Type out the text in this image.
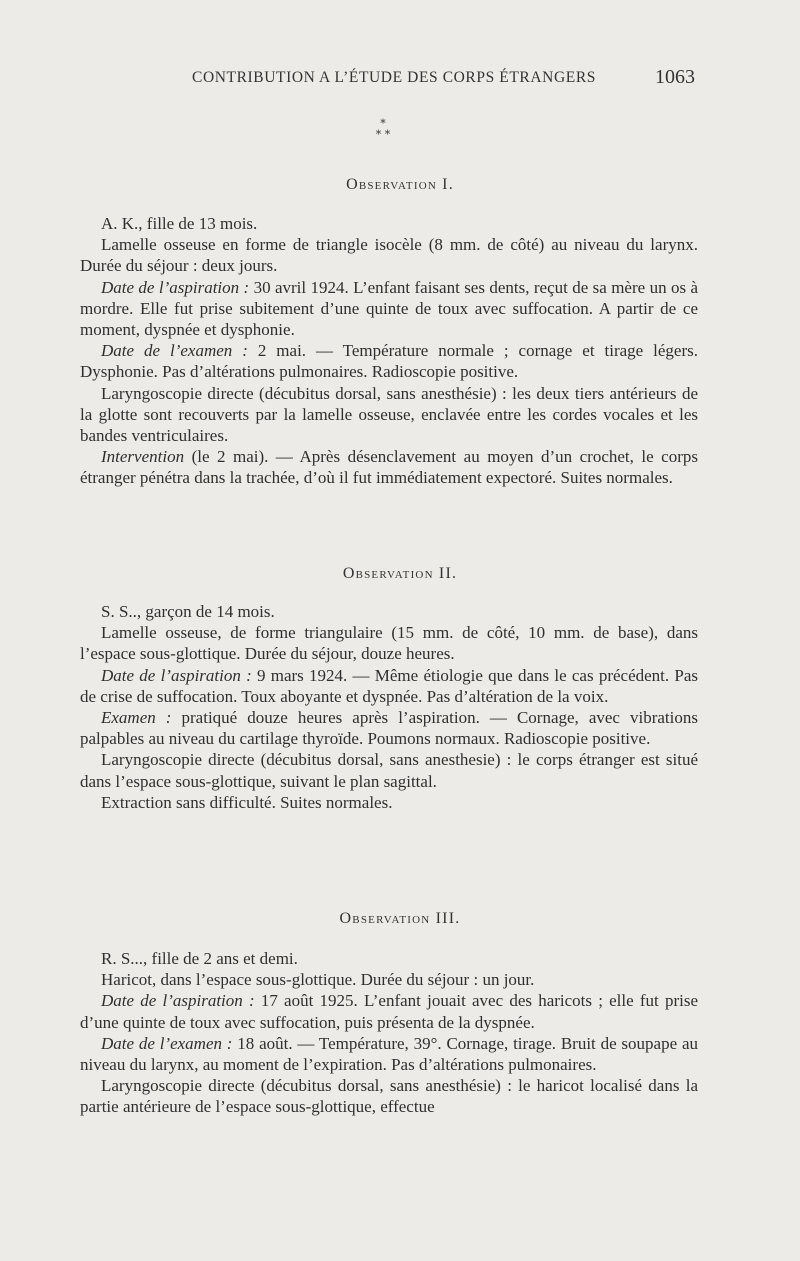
CONTRIBUTION A L’ÉTUDE DES CORPS ÉTRANGERS	1063
*
* *
Observation I.

A. K., fille de 13 mois.

Lamelle osseuse en forme de triangle isocèle (8 mm. de côté) au niveau du larynx. Durée du séjour : deux jours.

Date de l’aspiration : 30 avril 1924. L’enfant faisant ses dents, reçut de sa mère un os à mordre. Elle fut prise subitement d’une quinte de toux avec suffocation. A partir de ce moment, dyspnée et dysphonie.

Date de l’examen : 2 mai. — Température normale ; cornage et tirage légers. Dysphonie. Pas d’altérations pulmonaires. Radioscopie positive.

Laryngoscopie directe (décubitus dorsal, sans anesthésie) : les deux tiers antérieurs de la glotte sont recouverts par la lamelle osseuse, enclavée entre les cordes vocales et les bandes ventriculaires.

Intervention (le 2 mai). — Après désenclavement au moyen d’un crochet, le corps étranger pénétra dans la trachée, d’où il fut immédiatement expectoré. Suites normales.

Observation II.

S. S.., garçon de 14 mois.

Lamelle osseuse, de forme triangulaire (15 mm. de côté, 10 mm. de base), dans l’espace sous-glottique. Durée du séjour, douze heures.

Date de l’aspiration : 9 mars 1924. — Même étiologie que dans le cas précédent. Pas de crise de suffocation. Toux aboyante et dyspnée. Pas d’altération de la voix.

Examen : pratiqué douze heures après l’aspiration. — Cornage, avec vibrations palpables au niveau du cartilage thyroïde. Poumons normaux. Radioscopie positive.

Laryngoscopie directe (décubitus dorsal, sans anesthesie) : le corps étranger est situé dans l’espace sous-glottique, suivant le plan sagittal.

Extraction sans difficulté. Suites normales.

Observation III.

R. S..., fille de 2 ans et demi.

Haricot, dans l’espace sous-glottique. Durée du séjour : un jour.

Date de l’aspiration : 17 août 1925. L’enfant jouait avec des haricots ; elle fut prise d’une quinte de toux avec suffocation, puis présenta de la dyspnée.

Date de l’examen : 18 août. — Température, 39°. Cornage, tirage. Bruit de soupape au niveau du larynx, au moment de l’expiration. Pas d’altérations pulmonaires.

Laryngoscopie directe (décubitus dorsal, sans anesthésie) : le haricot localisé dans la partie antérieure de l’espace sous-glottique, effectue
